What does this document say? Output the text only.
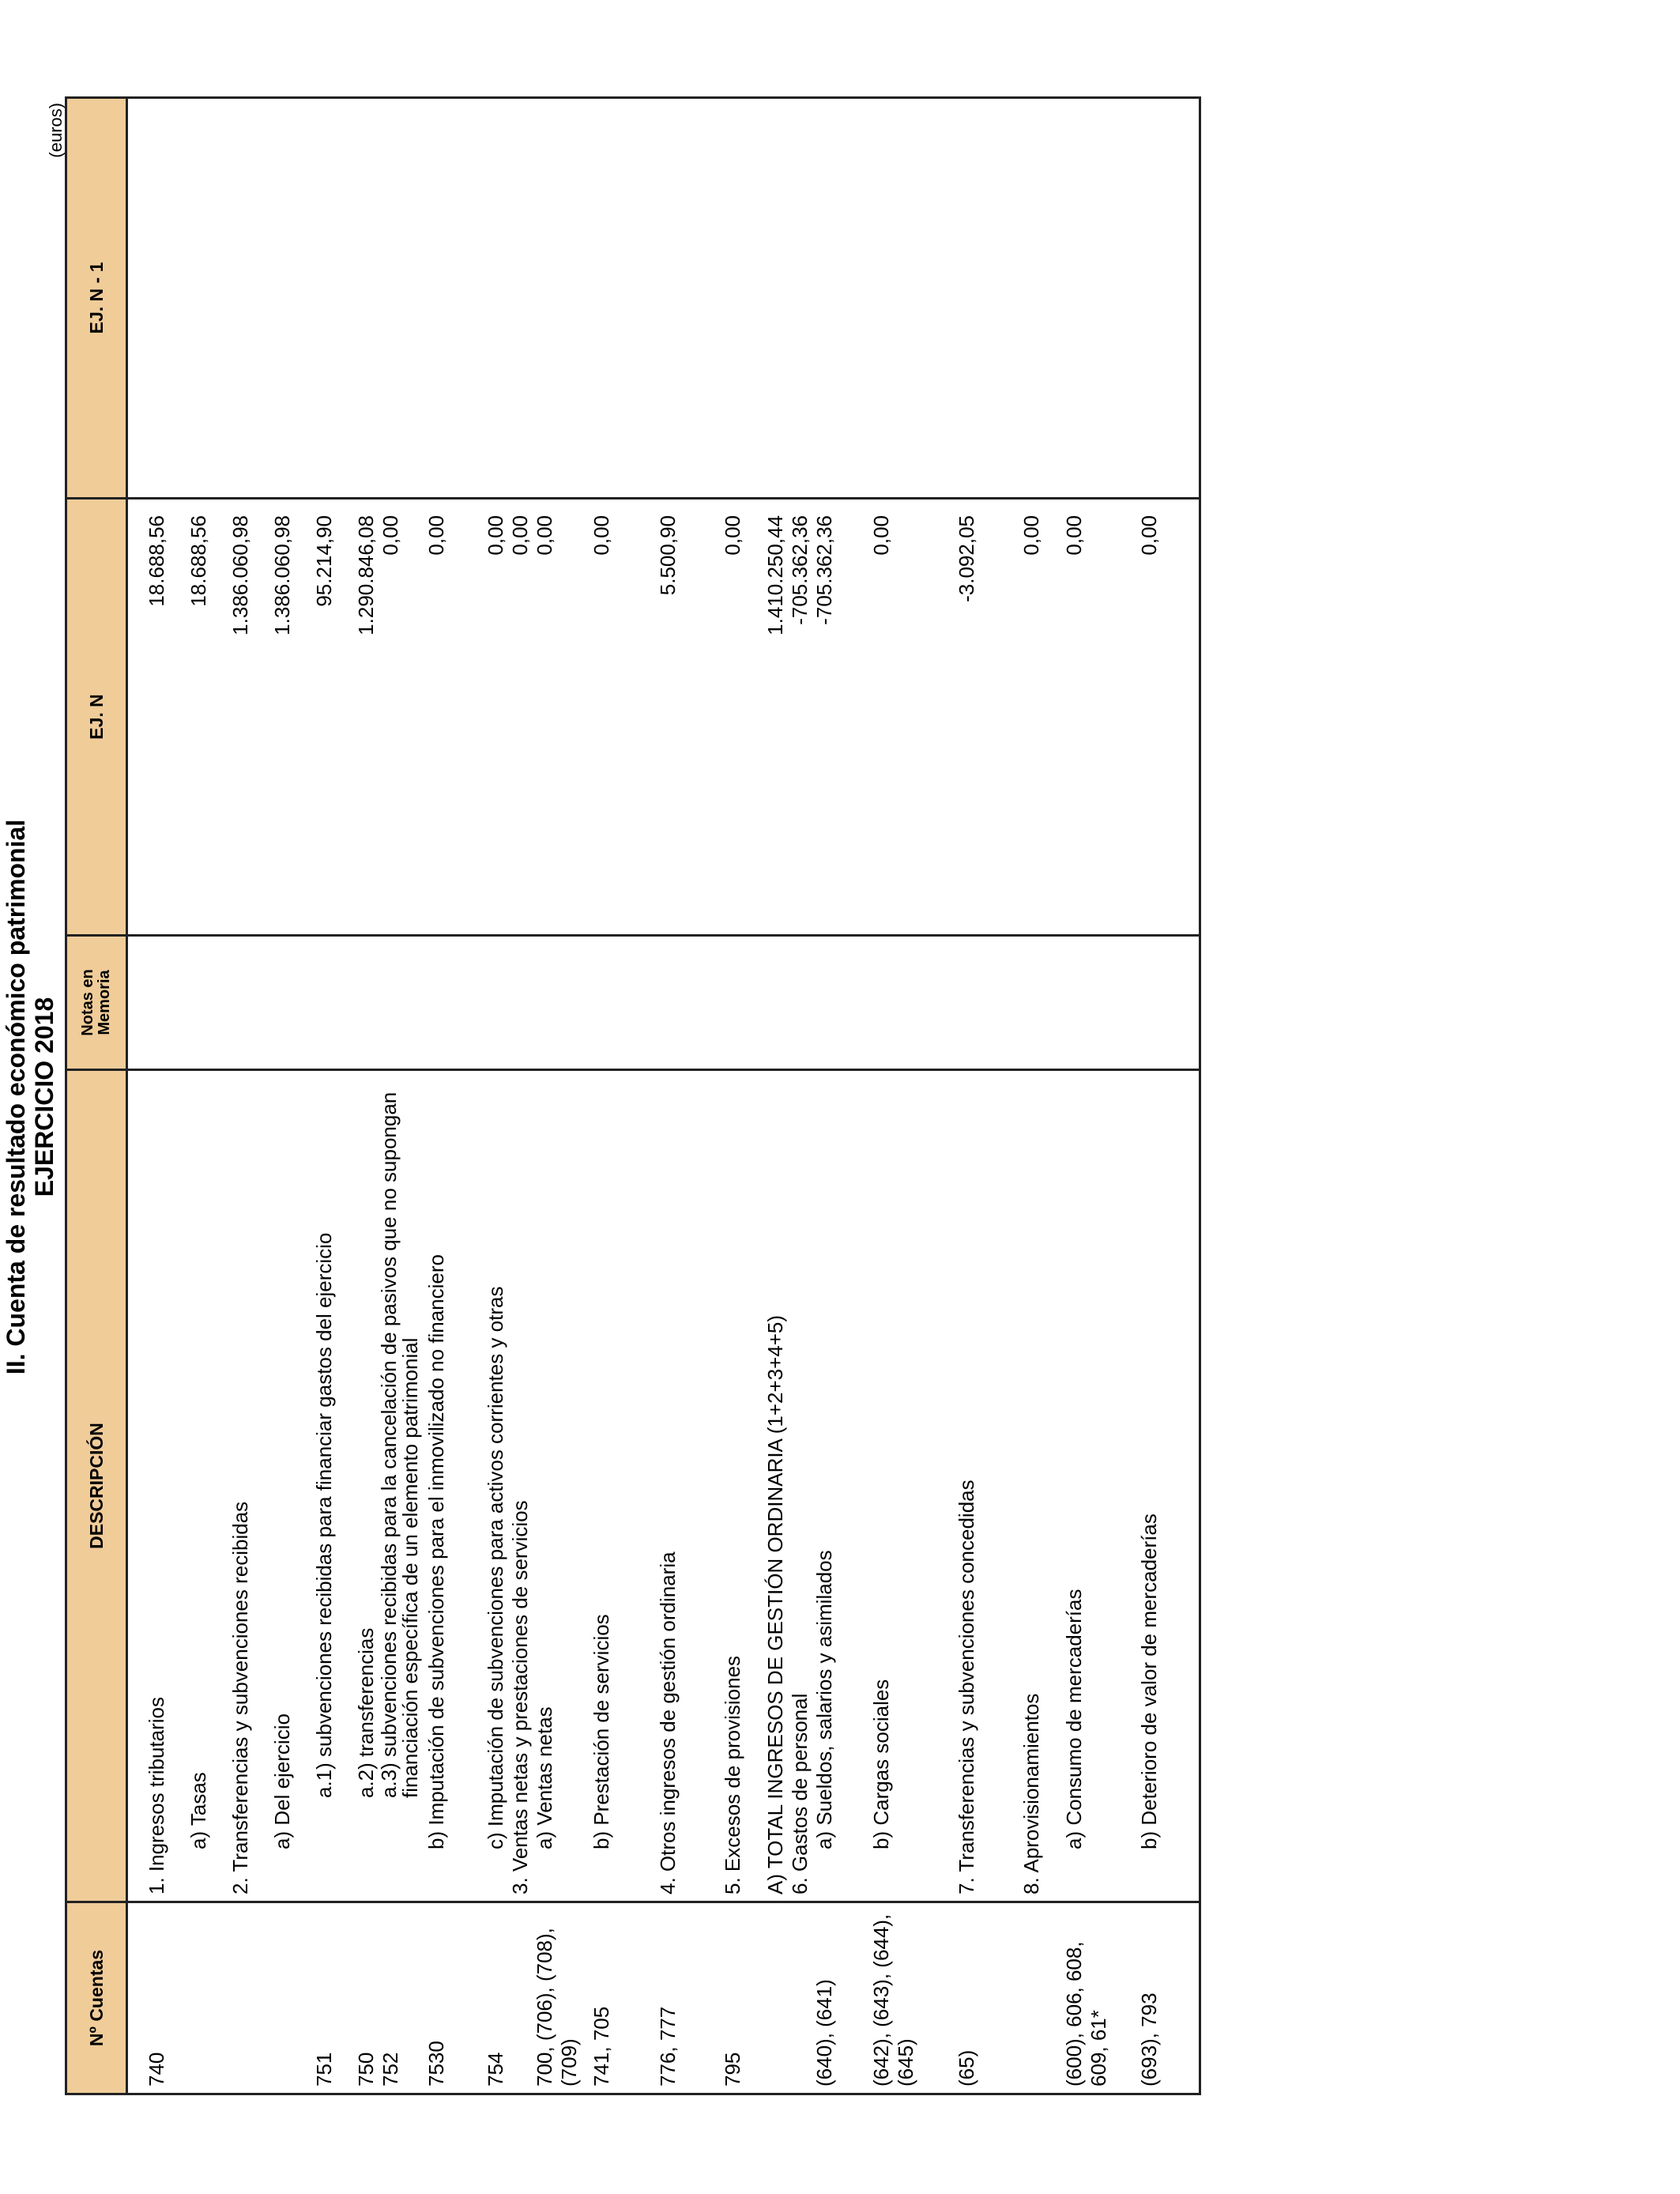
II. Cuenta de resultado económico patrimonial EJERCICIO 2018
(euros)
Nº Cuentas	DESCRIPCIÓN	Notas en Memoria	EJ. N	EJ. N - 1
740	1. Ingresos tributarios		18.688,56	
	a) Tasas		18.688,56	
	2. Transferencias y subvenciones recibidas		1.386.060,98	
	a) Del ejercicio		1.386.060,98	
751	a.1) subvenciones recibidas para financiar gastos del ejercicio		95.214,90	
750	a.2) transferencias		1.290.846,08	
752	a.3) subvenciones recibidas para la cancelación de pasivos que no supongan financiación específica de un elemento patrimonial		0,00	
7530	b) Imputación de subvenciones para el inmovilizado no financiero		0,00	
754	c) Imputación de subvenciones para activos corrientes y otras		0,00	
	3. Ventas netas y prestaciones de servicios		0,00	
700, (706), (708), (709)	a) Ventas netas		0,00	
741, 705	b) Prestación de servicios		0,00	
776, 777	4. Otros ingresos de gestión ordinaria		5.500,90	
795	5. Excesos de provisiones		0,00	
	A) TOTAL INGRESOS DE GESTIÓN ORDINARIA (1+2+3+4+5)		1.410.250,44	
	6. Gastos de personal		-705.362,36	
(640), (641)	a) Sueldos, salarios y asimilados		-705.362,36	
(642), (643), (644), (645)	b) Cargas sociales		0,00	
(65)	7. Transferencias y subvenciones concedidas		-3.092,05	
	8. Aprovisionamientos		0,00	
(600), 606, 608, 609, 61*	a) Consumo de mercaderías		0,00	
(693), 793	b) Deterioro de valor de mercaderías		0,00	
